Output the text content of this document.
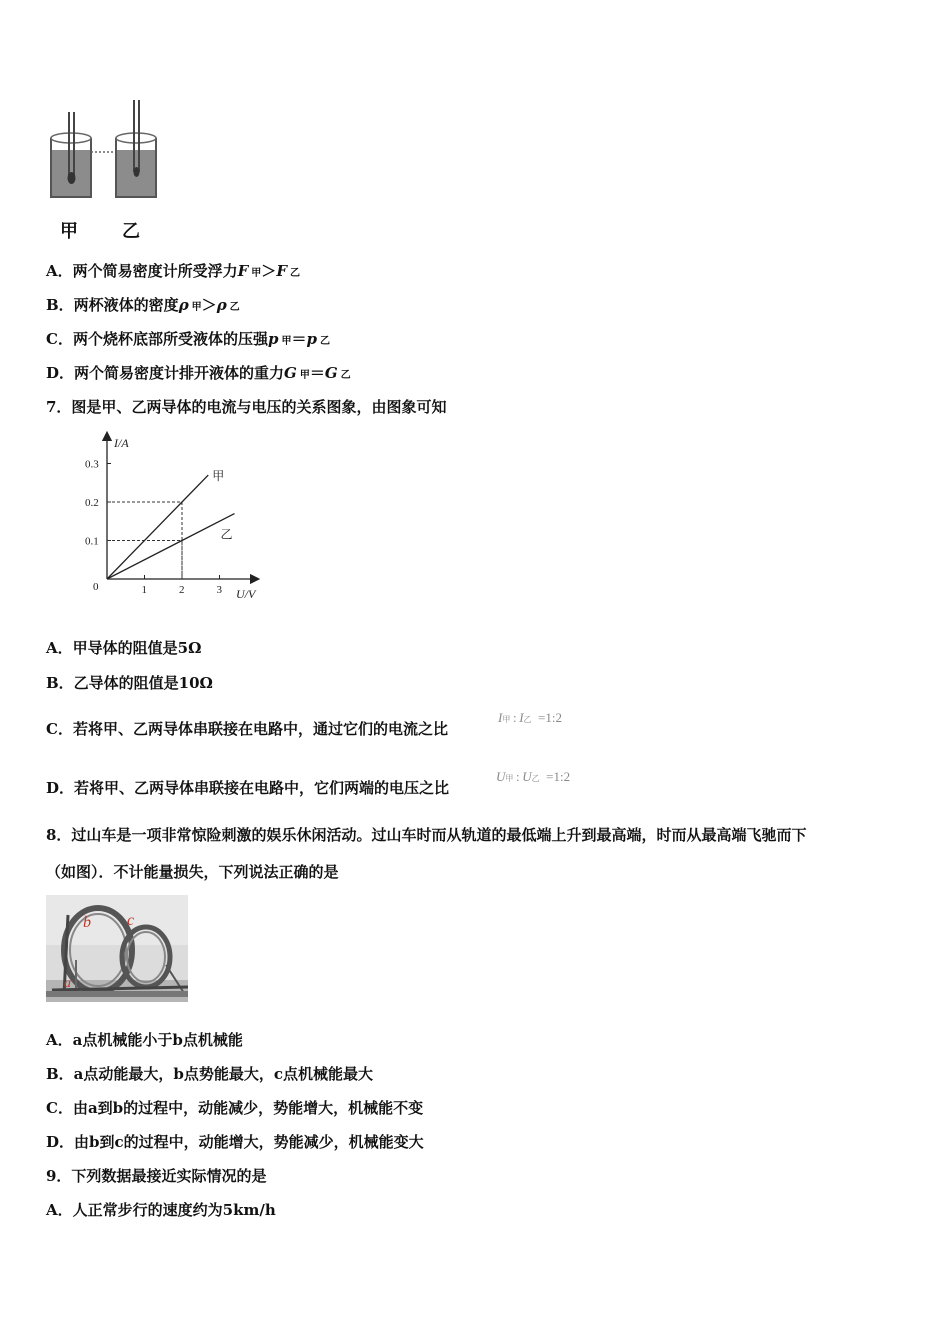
甲 乙
A．两个简易密度计所受浮力F  甲＞F  乙
B．两杯液体的密度ρ  甲＞ρ  乙
C．两个烧杯底部所受液体的压强p  甲＝p  乙
D．两个简易密度计排开液体的重力G  甲＝G  乙
7．图是甲、乙两导体的电流与电压的关系图象，由图象可知
I/A
U/V
0	1	2	3
0.1
0.2
0.3
甲
乙
A．甲导体的阻值是5Ω
B．乙导体的阻值是10Ω
C．若将甲、乙两导体串联接在电路中，通过它们的电流之比
I甲  :  I乙  =1:2
D．若将甲、乙两导体串联接在电路中，它们两端的电压之比
U甲  :  U乙  =1:2
8．过山车是一项非常惊险刺激的娱乐休闲活动。过山车时而从轨道的最低端上升到最高端，时而从最高端飞驰而下
（如图）．不计能量损失，下列说法正确的是
b c
a
A．a点机械能小于b点机械能
B．a点动能最大，b点势能最大，c点机械能最大
C．由a到b的过程中，动能减少，势能增大，机械能不变
D．由b到c的过程中，动能增大，势能减少，机械能变大
9．下列数据最接近实际情况的是
A．人正常步行的速度约为5km/h
